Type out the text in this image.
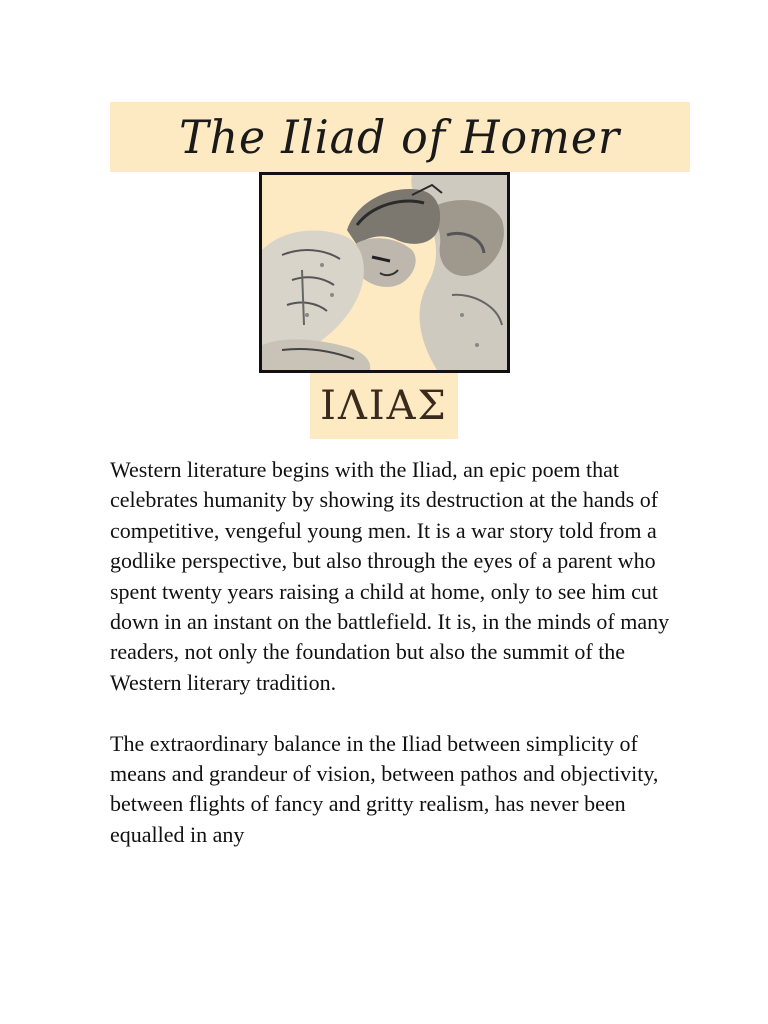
The Iliad of Homer
ΙΛΙΑΣ

Western literature begins with the Iliad, an epic poem that celebrates humanity by showing its destruction at the hands of competitive, vengeful young men. It is a war story told from a godlike perspective, but also through the eyes of a parent who spent twenty years raising a child at home, only to see him cut down in an instant on the battlefield. It is, in the minds of many readers, not only the foundation but also the summit of the Western literary tradition.

The extraordinary balance in the Iliad between simplicity of means and grandeur of vision, between pathos and objectivity, between flights of fancy and gritty realism, has never been equalled in any
